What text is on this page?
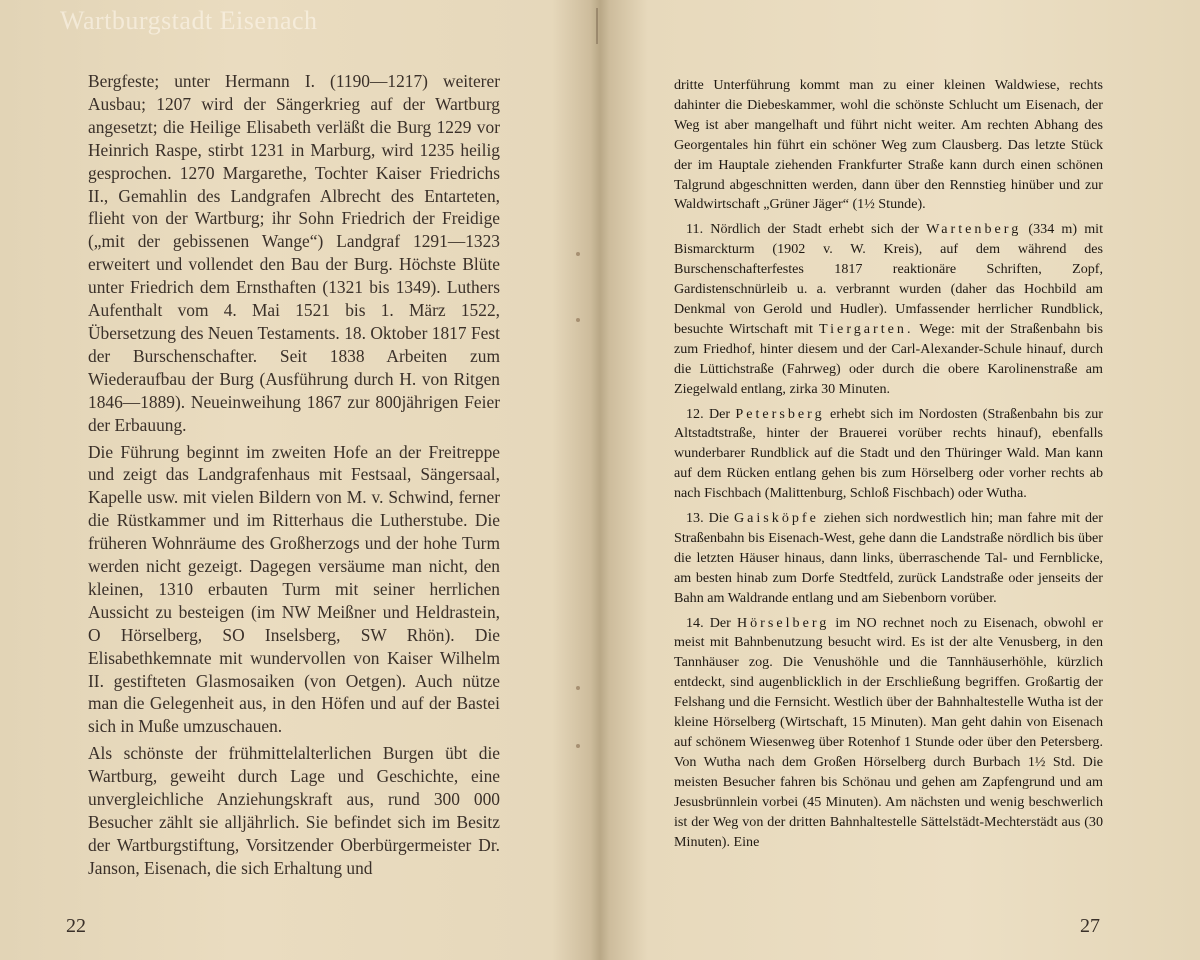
Wartburgstadt Eisenach

Bergfeste; unter Hermann I. (1190—1217) weiterer Ausbau; 1207 wird der Sängerkrieg auf der Wartburg angesetzt; die Heilige Elisabeth verläßt die Burg 1229 vor Heinrich Raspe, stirbt 1231 in Marburg, wird 1235 heilig gesprochen. 1270 Margarethe, Tochter Kaiser Friedrichs II., Gemahlin des Landgrafen Albrecht des Entarteten, flieht von der Wartburg; ihr Sohn Friedrich der Freidige („mit der gebissenen Wange“) Landgraf 1291—1323 erweitert und vollendet den Bau der Burg. Höchste Blüte unter Friedrich dem Ernsthaften (1321 bis 1349). Luthers Aufenthalt vom 4. Mai 1521 bis 1. März 1522, Übersetzung des Neuen Testaments. 18. Oktober 1817 Fest der Burschenschafter. Seit 1838 Arbeiten zum Wiederaufbau der Burg (Ausführung durch H. von Ritgen 1846—1889). Neueinweihung 1867 zur 800jährigen Feier der Erbauung.

Die Führung beginnt im zweiten Hofe an der Freitreppe und zeigt das Landgrafenhaus mit Festsaal, Sängersaal, Kapelle usw. mit vielen Bildern von M. v. Schwind, ferner die Rüstkammer und im Ritterhaus die Lutherstube. Die früheren Wohnräume des Großherzogs und der hohe Turm werden nicht gezeigt. Dagegen versäume man nicht, den kleinen, 1310 erbauten Turm mit seiner herrlichen Aussicht zu besteigen (im NW Meißner und Heldrastein, O Hörselberg, SO Inselsberg, SW Rhön). Die Elisabethkemnate mit wundervollen von Kaiser Wilhelm II. gestifteten Glasmosaiken (von Oetgen). Auch nütze man die Gelegenheit aus, in den Höfen und auf der Bastei sich in Muße umzuschauen.

Als schönste der frühmittelalterlichen Burgen übt die Wartburg, geweiht durch Lage und Geschichte, eine unvergleichliche Anziehungskraft aus, rund 300 000 Besucher zählt sie alljährlich. Sie befindet sich im Besitz der Wartburgstiftung, Vorsitzender Oberbürgermeister Dr. Janson, Eisenach, die sich Erhaltung und

22

dritte Unterführung kommt man zu einer kleinen Waldwiese, rechts dahinter die Diebeskammer, wohl die schönste Schlucht um Eisenach, der Weg ist aber mangelhaft und führt nicht weiter. Am rechten Abhang des Georgentales hin führt ein schöner Weg zum Clausberg. Das letzte Stück der im Hauptale ziehenden Frankfurter Straße kann durch einen schönen Talgrund abgeschnitten werden, dann über den Rennstieg hinüber und zur Waldwirtschaft „Grüner Jäger“ (1½ Stunde).

11. Nördlich der Stadt erhebt sich der Wartenberg (334 m) mit Bismarckturm (1902 v. W. Kreis), auf dem während des Burschenschafterfestes 1817 reaktionäre Schriften, Zopf, Gardistenschnürleib u. a. verbrannt wurden (daher das Hochbild am Denkmal von Gerold und Hudler). Umfassender herrlicher Rundblick, besuchte Wirtschaft mit Tiergarten. Wege: mit der Straßenbahn bis zum Friedhof, hinter diesem und der Carl-Alexander-Schule hinauf, durch die Lüttichstraße (Fahrweg) oder durch die obere Karolinenstraße am Ziegelwald entlang, zirka 30 Minuten.

12. Der Petersberg erhebt sich im Nordosten (Straßenbahn bis zur Altstadtstraße, hinter der Brauerei vorüber rechts hinauf), ebenfalls wunderbarer Rundblick auf die Stadt und den Thüringer Wald. Man kann auf dem Rücken entlang gehen bis zum Hörselberg oder vorher rechts ab nach Fischbach (Malittenburg, Schloß Fischbach) oder Wutha.

13. Die Gaisköpfe ziehen sich nordwestlich hin; man fahre mit der Straßenbahn bis Eisenach-West, gehe dann die Landstraße nördlich bis über die letzten Häuser hinaus, dann links, überraschende Tal- und Fernblicke, am besten hinab zum Dorfe Stedtfeld, zurück Landstraße oder jenseits der Bahn am Waldrande entlang und am Siebenborn vorüber.

14. Der Hörselberg im NO rechnet noch zu Eisenach, obwohl er meist mit Bahnbenutzung besucht wird. Es ist der alte Venusberg, in den Tannhäuser zog. Die Venushöhle und die Tannhäuserhöhle, kürzlich entdeckt, sind augenblicklich in der Erschließung begriffen. Großartig der Felshang und die Fernsicht. Westlich über der Bahnhaltestelle Wutha ist der kleine Hörselberg (Wirtschaft, 15 Minuten). Man geht dahin von Eisenach auf schönem Wiesenweg über Rotenhof 1 Stunde oder über den Petersberg. Von Wutha nach dem Großen Hörselberg durch Burbach 1½ Std. Die meisten Besucher fahren bis Schönau und gehen am Zapfengrund und am Jesusbrünnlein vorbei (45 Minuten). Am nächsten und wenig beschwerlich ist der Weg von der dritten Bahnhaltestelle Sättelstädt-Mechterstädt aus (30 Minuten). Eine

27
